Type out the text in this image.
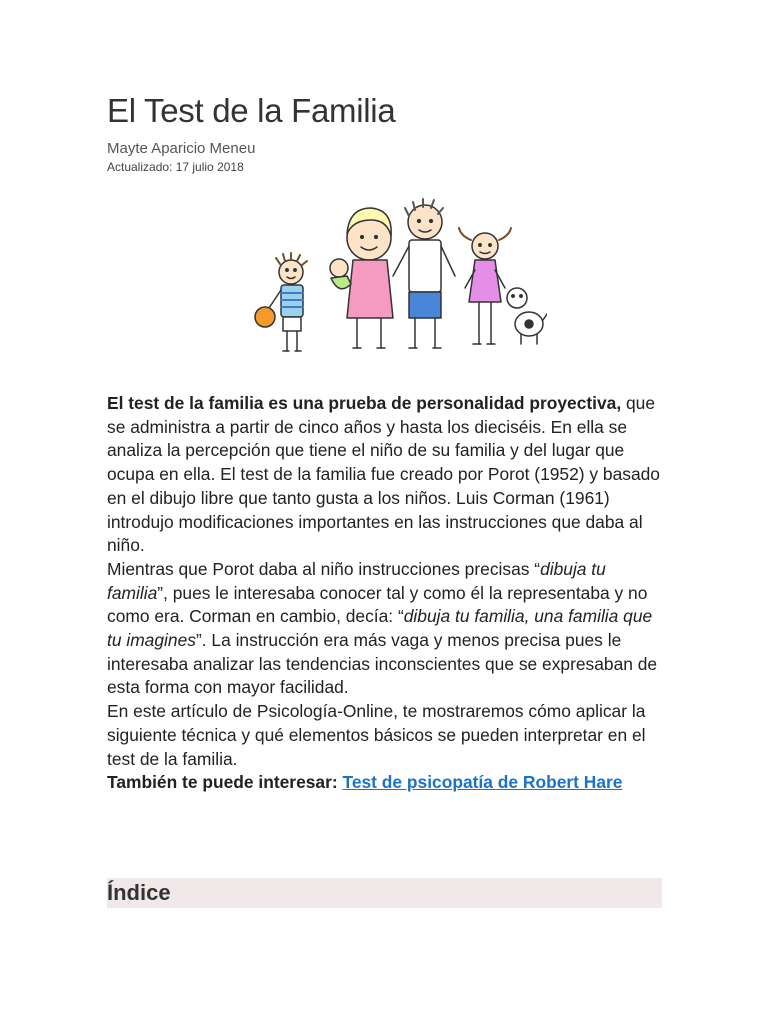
El Test de la Familia
Mayte Aparicio Meneu
Actualizado: 17 julio 2018

El test de la familia es una prueba de personalidad proyectiva, que se administra a partir de cinco años y hasta los dieciséis. En ella se analiza la percepción que tiene el niño de su familia y del lugar que ocupa en ella. El test de la familia fue creado por Porot (1952) y basado en el dibujo libre que tanto gusta a los niños. Luis Corman (1961) introdujo modificaciones importantes en las instrucciones que daba al niño.

Mientras que Porot daba al niño instrucciones precisas “dibuja tu familia”, pues le interesaba conocer tal y como él la representaba y no como era. Corman en cambio, decía: “dibuja tu familia, una familia que tu imagines”. La instrucción era más vaga y menos precisa pues le interesaba analizar las tendencias inconscientes que se expresaban de esta forma con mayor facilidad.

En este artículo de Psicología-Online, te mostraremos cómo aplicar la siguiente técnica y qué elementos básicos se pueden interpretar en el test de la familia.

También te puede interesar: Test de psicopatía de Robert Hare

Índice
